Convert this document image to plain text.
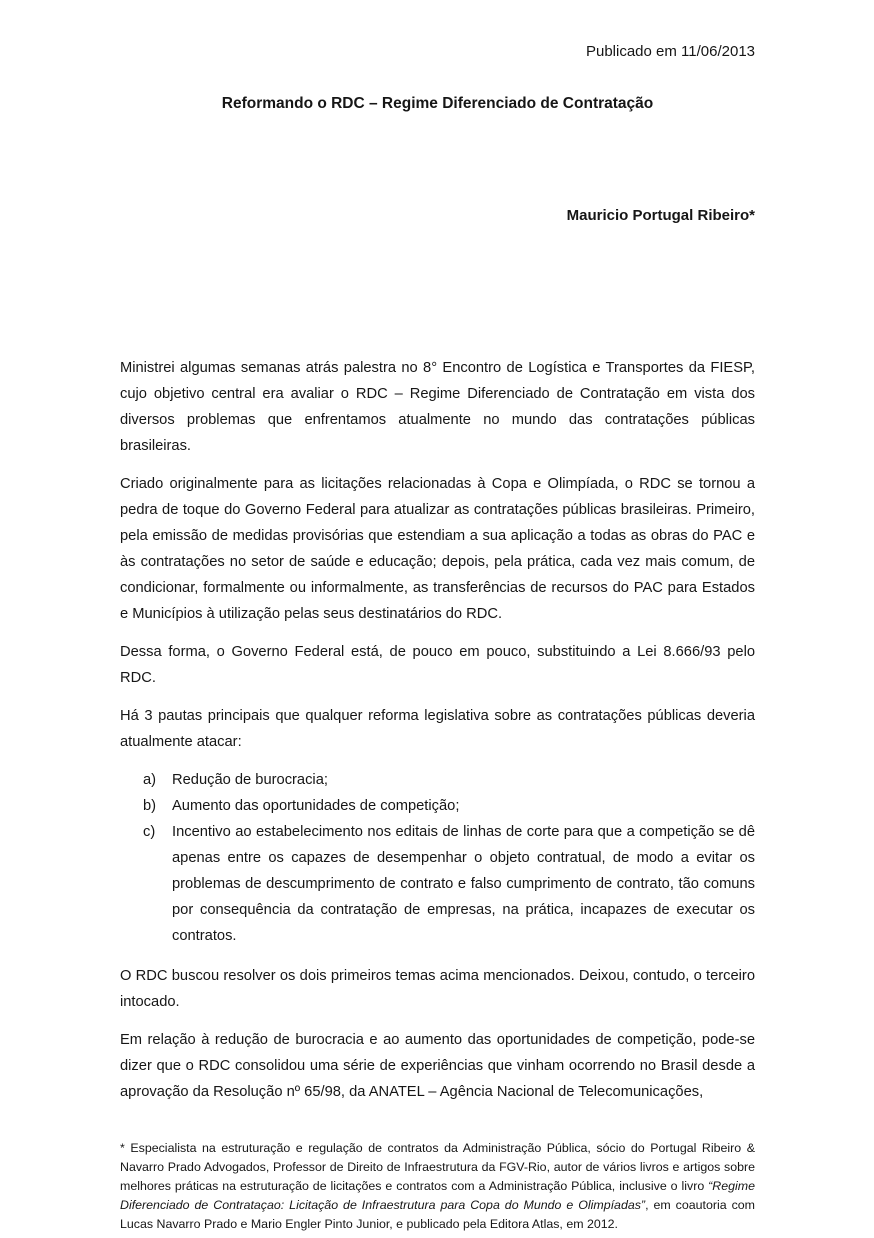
Publicado em 11/06/2013
Reformando o RDC – Regime Diferenciado de Contratação
Mauricio Portugal Ribeiro*

Ministrei algumas semanas atrás palestra no 8° Encontro de Logística e Transportes da FIESP, cujo objetivo central era avaliar o RDC – Regime Diferenciado de Contratação em vista dos diversos problemas que enfrentamos atualmente no mundo das contratações públicas brasileiras.

Criado originalmente para as licitações relacionadas à Copa e Olimpíada, o RDC se tornou a pedra de toque do Governo Federal para atualizar as contratações públicas brasileiras. Primeiro, pela emissão de medidas provisórias que estendiam a sua aplicação a todas as obras do PAC e às contratações no setor de saúde e educação; depois, pela prática, cada vez mais comum, de condicionar, formalmente ou informalmente, as transferências de recursos do PAC para Estados e Municípios à utilização pelas seus destinatários do RDC.

Dessa forma, o Governo Federal está, de pouco em pouco, substituindo a Lei 8.666/93 pelo RDC.

Há 3 pautas principais que qualquer reforma legislativa sobre as contratações públicas deveria atualmente atacar:

a)	Redução de burocracia;
b)	Aumento das oportunidades de competição;
c)	Incentivo ao estabelecimento nos editais de linhas de corte para que a competição se dê apenas entre os capazes de desempenhar o objeto contratual, de modo a evitar os problemas de descumprimento de contrato e falso cumprimento de contrato, tão comuns por consequência da contratação de empresas, na prática, incapazes de executar os contratos.

O RDC buscou resolver os dois primeiros temas acima mencionados. Deixou, contudo, o terceiro intocado.

Em relação à redução de burocracia e ao aumento das oportunidades de competição, pode-se dizer que o RDC consolidou uma série de experiências que vinham ocorrendo no Brasil desde a aprovação da Resolução nº 65/98, da ANATEL – Agência Nacional de Telecomunicações,

* Especialista na estruturação e regulação de contratos da Administração Pública, sócio do Portugal Ribeiro & Navarro Prado Advogados, Professor de Direito de Infraestrutura da FGV-Rio, autor de vários livros e artigos sobre melhores práticas na estruturação de licitações e contratos com a Administração Pública, inclusive o livro “Regime Diferenciado de Contrataçao: Licitação de Infraestrutura para Copa do Mundo e Olimpíadas”, em coautoria com Lucas Navarro Prado e Mario Engler Pinto Junior, e publicado pela Editora Atlas, em 2012.
